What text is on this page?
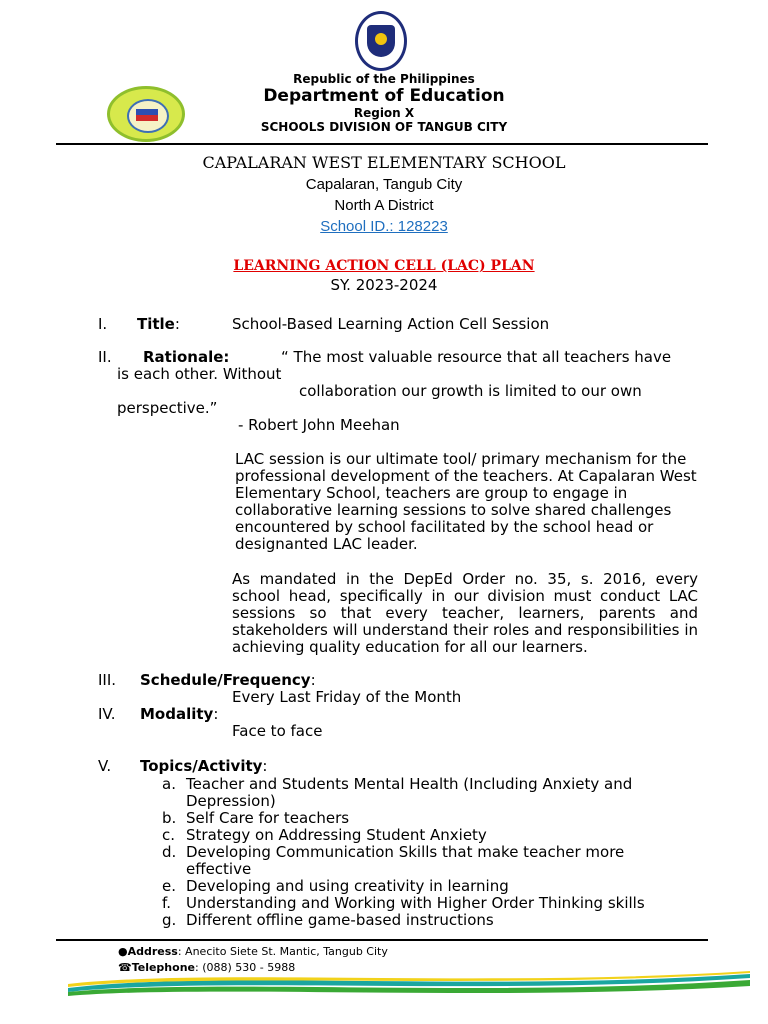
Republic of the Philippines
Department of Education
Region X
SCHOOLS DIVISION OF TANGUB CITY
CAPALARAN WEST ELEMENTARY SCHOOL
Capalaran, Tangub City
North A District
School ID.: 128223
LEARNING ACTION CELL (LAC) PLAN
SY. 2023-2024
I. Title:	School-Based Learning Action Cell Session
II. Rationale:	“ The most valuable resource that all teachers have
is each other. Without
collaboration our growth is limited to our own
perspective.”
- Robert John Meehan
LAC session is our ultimate tool/ primary mechanism for the professional development of the teachers. At Capalaran West Elementary School, teachers are group to engage in collaborative learning sessions to solve shared challenges encountered by school facilitated by the school head or designanted LAC leader.
As mandated in the DepEd Order no. 35, s. 2016, every school head, specifically in our division must conduct LAC sessions so that every teacher, learners, parents and stakeholders will understand their roles and responsibilities in achieving quality education for all our learners.
III. Schedule/Frequency:
Every Last Friday of the Month
IV. Modality:
Face to face
V. Topics/Activity:
a. Teacher and Students Mental Health (Including Anxiety and Depression)
b. Self Care for teachers
c. Strategy on Addressing Student Anxiety
d. Developing Communication Skills that make teacher more effective
e. Developing and using creativity in learning
f. Understanding and Working with Higher Order Thinking skills
g. Different offline game-based instructions
●Address: Anecito Siete St. Mantic, Tangub City
☎Telephone: (088) 530 - 5988
